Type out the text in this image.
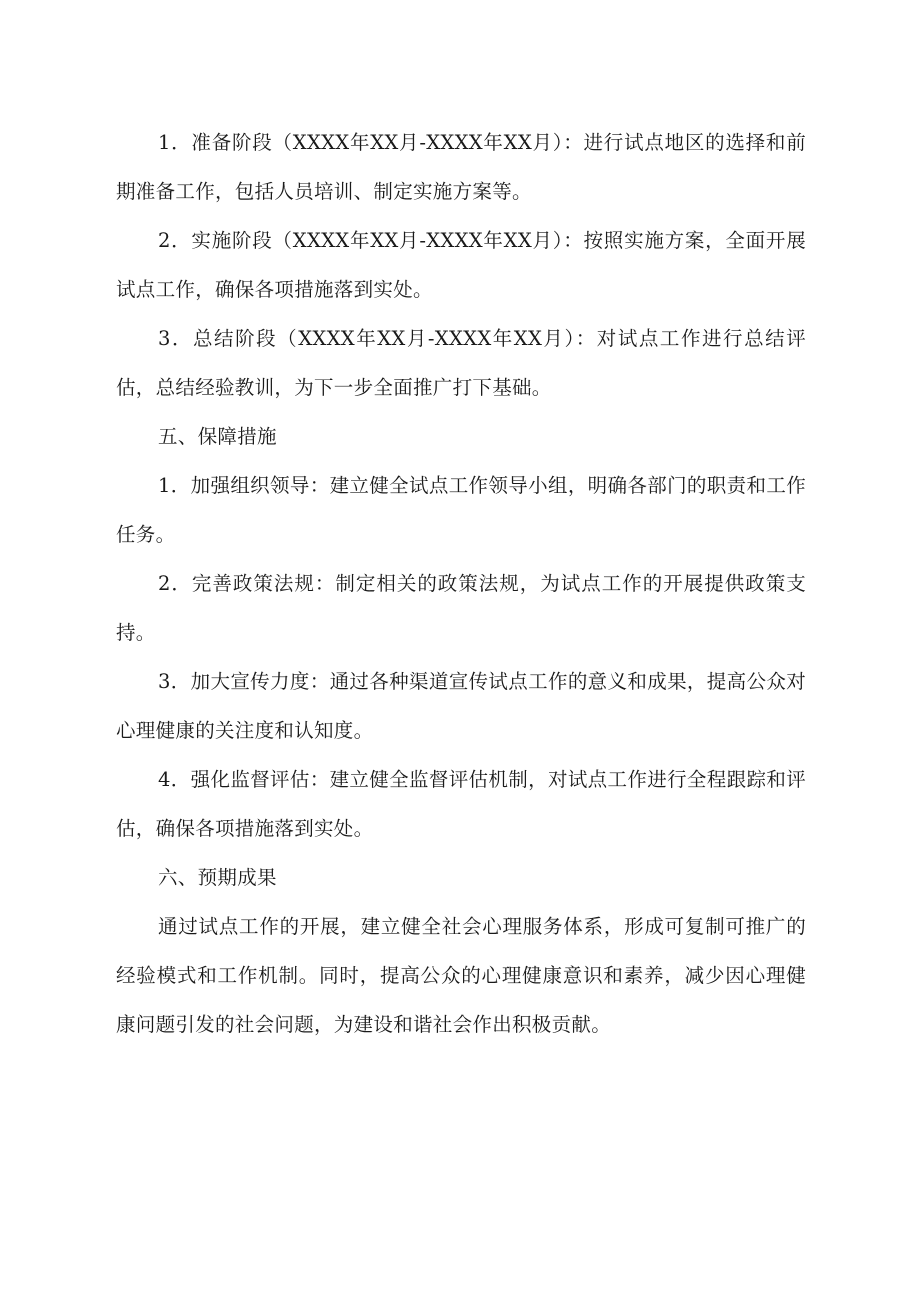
1．准备阶段（XXXX年XX月-XXXX年XX月）：进行试点地区的选择和前期准备工作，包括人员培训、制定实施方案等。

2．实施阶段（XXXX年XX月-XXXX年XX月）：按照实施方案，全面开展试点工作，确保各项措施落到实处。

3．总结阶段（XXXX年XX月-XXXX年XX月）：对试点工作进行总结评估，总结经验教训，为下一步全面推广打下基础。

五、保障措施

1．加强组织领导：建立健全试点工作领导小组，明确各部门的职责和工作任务。

2．完善政策法规：制定相关的政策法规，为试点工作的开展提供政策支持。

3．加大宣传力度：通过各种渠道宣传试点工作的意义和成果，提高公众对心理健康的关注度和认知度。

4．强化监督评估：建立健全监督评估机制，对试点工作进行全程跟踪和评估，确保各项措施落到实处。

六、预期成果

通过试点工作的开展，建立健全社会心理服务体系，形成可复制可推广的经验模式和工作机制。同时，提高公众的心理健康意识和素养，减少因心理健康问题引发的社会问题，为建设和谐社会作出积极贡献。
